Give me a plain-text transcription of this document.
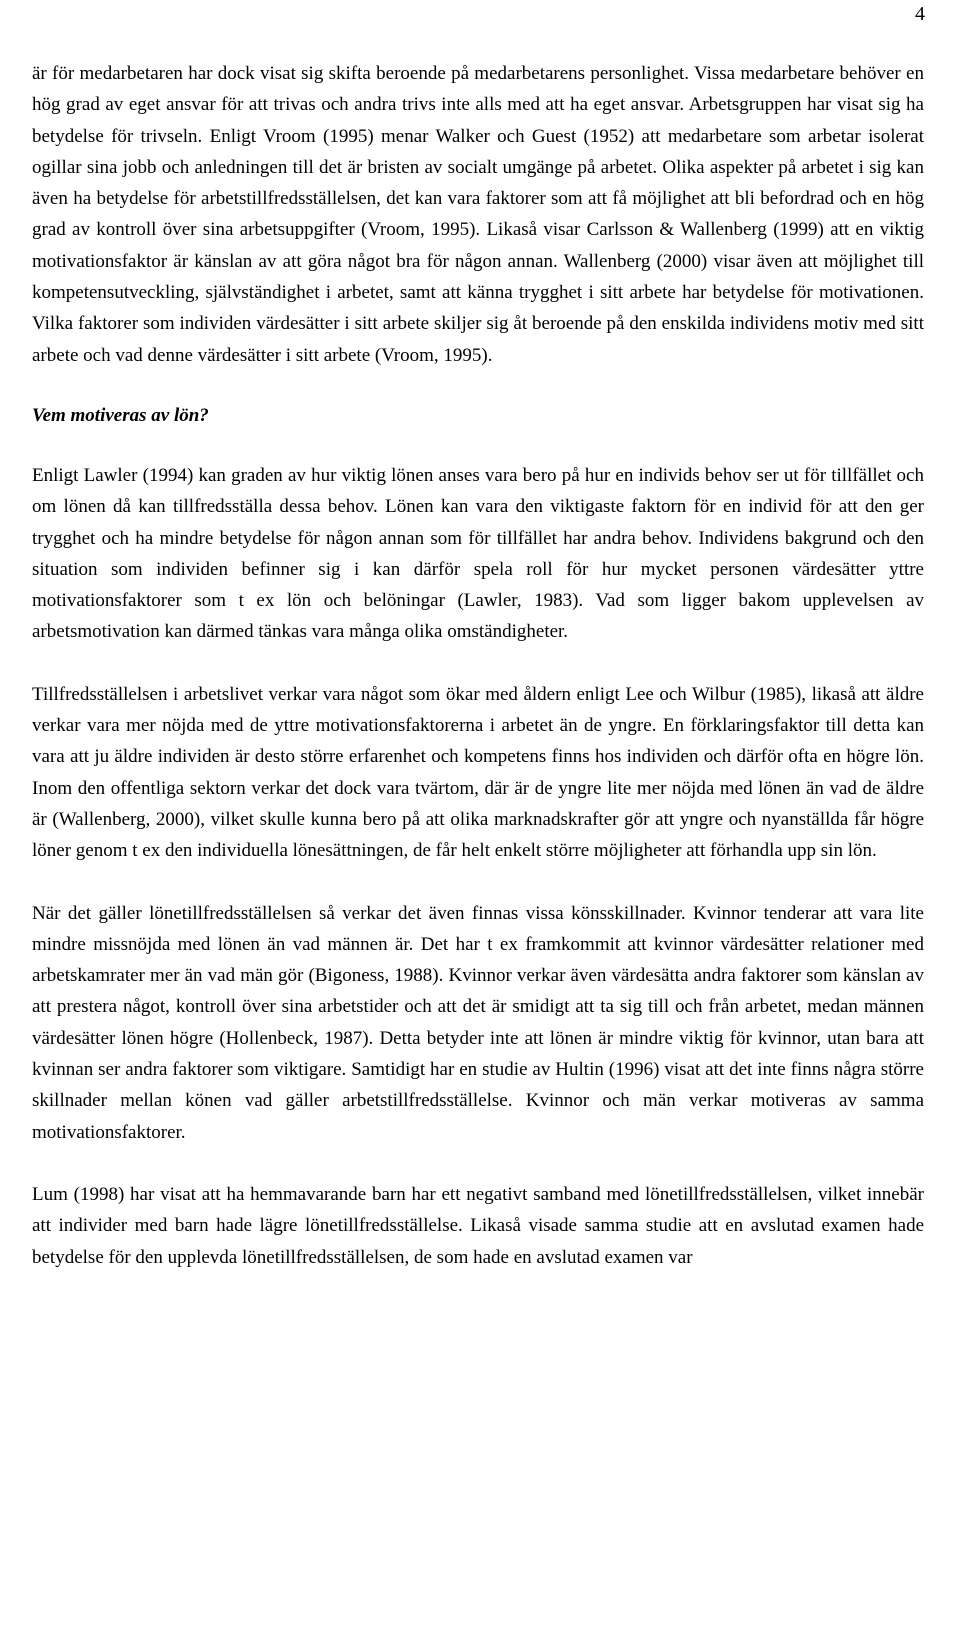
4

är för medarbetaren har dock visat sig skifta beroende på medarbetarens personlighet. Vissa medarbetare behöver en hög grad av eget ansvar för att trivas och andra trivs inte alls med att ha eget ansvar. Arbetsgruppen har visat sig ha betydelse för trivseln. Enligt Vroom (1995) menar Walker och Guest (1952) att medarbetare som arbetar isolerat ogillar sina jobb och anledningen till det är bristen av socialt umgänge på arbetet. Olika aspekter på arbetet i sig kan även ha betydelse för arbetstillfredsställelsen, det kan vara faktorer som att få möjlighet att bli befordrad och en hög grad av kontroll över sina arbetsuppgifter (Vroom, 1995). Likaså visar Carlsson & Wallenberg (1999) att en viktig motivationsfaktor är känslan av att göra något bra för någon annan. Wallenberg (2000) visar även att möjlighet till kompetensutveckling, självständighet i arbetet, samt att känna trygghet i sitt arbete har betydelse för motivationen. Vilka faktorer som individen värdesätter i sitt arbete skiljer sig åt beroende på den enskilda individens motiv med sitt arbete och vad denne värdesätter i sitt arbete (Vroom, 1995).

Vem motiveras av lön?

Enligt Lawler (1994) kan graden av hur viktig lönen anses vara bero på hur en individs behov ser ut för tillfället och om lönen då kan tillfredsställa dessa behov. Lönen kan vara den viktigaste faktorn för en individ för att den ger trygghet och ha mindre betydelse för någon annan som för tillfället har andra behov. Individens bakgrund och den situation som individen befinner sig i kan därför spela roll för hur mycket personen värdesätter yttre motivationsfaktorer som t ex lön och belöningar (Lawler, 1983). Vad som ligger bakom upplevelsen av arbetsmotivation kan därmed tänkas vara många olika omständigheter.

Tillfredsställelsen i arbetslivet verkar vara något som ökar med åldern enligt Lee och Wilbur (1985), likaså att äldre verkar vara mer nöjda med de yttre motivationsfaktorerna i arbetet än de yngre. En förklaringsfaktor till detta kan vara att ju äldre individen är desto större erfarenhet och kompetens finns hos individen och därför ofta en högre lön. Inom den offentliga sektorn verkar det dock vara tvärtom, där är de yngre lite mer nöjda med lönen än vad de äldre är (Wallenberg, 2000), vilket skulle kunna bero på att olika marknadskrafter gör att yngre och nyanställda får högre löner genom t ex den individuella lönesättningen, de får helt enkelt större möjligheter att förhandla upp sin lön.

När det gäller lönetillfredsställelsen så verkar det även finnas vissa könsskillnader. Kvinnor tenderar att vara lite mindre missnöjda med lönen än vad männen är. Det har t ex framkommit att kvinnor värdesätter relationer med arbetskamrater mer än vad män gör (Bigoness, 1988). Kvinnor verkar även värdesätta andra faktorer som känslan av att prestera något, kontroll över sina arbetstider och att det är smidigt att ta sig till och från arbetet, medan männen värdesätter lönen högre (Hollenbeck, 1987). Detta betyder inte att lönen är mindre viktig för kvinnor, utan bara att kvinnan ser andra faktorer som viktigare. Samtidigt har en studie av Hultin (1996) visat att det inte finns några större skillnader mellan könen vad gäller arbetstillfredsställelse. Kvinnor och män verkar motiveras av samma motivationsfaktorer.

Lum (1998) har visat att ha hemmavarande barn har ett negativt samband med lönetillfredsställelsen, vilket innebär att individer med barn hade lägre lönetillfredsställelse. Likaså visade samma studie att en avslutad examen hade betydelse för den upplevda lönetillfredsställelsen, de som hade en avslutad examen var
